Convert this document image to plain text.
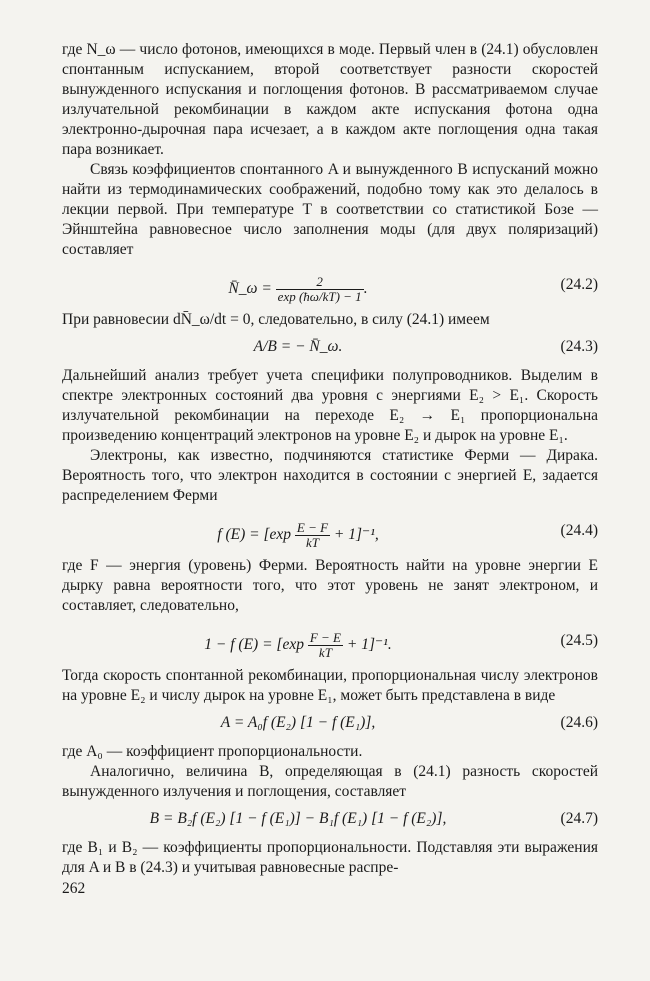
где N_ω — число фотонов, имеющихся в моде. Первый член в (24.1) обусловлен спонтанным испусканием, второй соответствует разности скоростей вынужденного испускания и поглощения фотонов. В рассматриваемом случае излучательной рекомбинации в каждом акте испускания фотона одна электронно-дырочная пара исчезает, а в каждом акте поглощения одна такая пара возникает.

Связь коэффициентов спонтанного A и вынужденного B испусканий можно найти из термодинамических соображений, подобно тому как это делалось в лекции первой. При температуре T в соответствии со статистикой Бозе — Эйнштейна равновесное число заполнения моды (для двух поляризаций) составляет

N̄_ω = $\frac{2}{\exp (ħ\omega/kT) - 1}$ .	(24.2)

При равновесии dN̄_ω/dt = 0, следовательно, в силу (24.1) имеем

A/B = − N̄_ω.	(24.3)

Дальнейший анализ требует учета специфики полупроводников. Выделим в спектре электронных состояний два уровня с энергиями E₂ > E₁. Скорость излучательной рекомбинации на переходе E₂ → E₁ пропорциональна произведению концентраций электронов на уровне E₂ и дырок на уровне E₁.

Электроны, как известно, подчиняются статистике Ферми — Дирака. Вероятность того, что электрон находится в состоянии с энергией E, задается распределением Ферми

f $(E) = [\exp \frac{E - F}{kT} + 1]^{-1}$,	(24.4)

где F — энергия (уровень) Ферми. Вероятность найти на уровне энергии E дырку равна вероятности того, что этот уровень не занят электроном, и составляет, следовательно,

1 − f $(E) = [\exp \frac{F - E}{kT} + 1]^{-1}$.	(24.5)

Тогда скорость спонтанной рекомбинации, пропорциональная числу электронов на уровне E₂ и числу дырок на уровне E₁, может быть представлена в виде

A = A₀f (E₂) [1 − f (E₁)],	(24.6)

где A₀ — коэффициент пропорциональности.

Аналогично, величина B, определяющая в (24.1) разность скоростей вынужденного излучения и поглощения, составляет

B = B₂f (E₂) [1 − f (E₁)] − B₁f (E₁) [1 − f (E₂)],	(24.7)

где B₁ и B₂ — коэффициенты пропорциональности. Подставляя эти выражения для A и B в (24.3) и учитывая равновесные распре-

262
